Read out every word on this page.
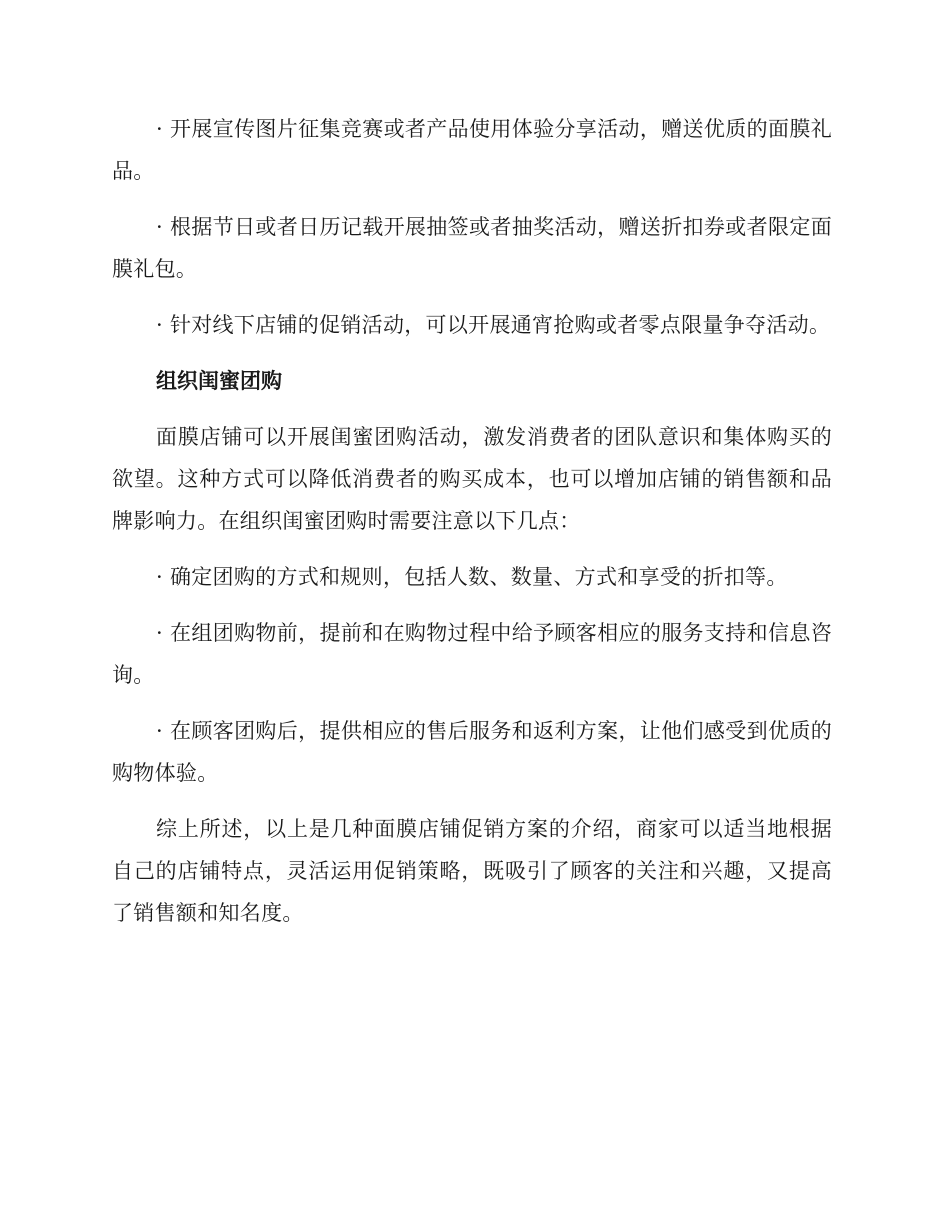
· 开展宣传图片征集竞赛或者产品使用体验分享活动，赠送优质的面膜礼品。

· 根据节日或者日历记载开展抽签或者抽奖活动，赠送折扣券或者限定面膜礼包。

· 针对线下店铺的促销活动，可以开展通宵抢购或者零点限量争夺活动。

组织闺蜜团购

面膜店铺可以开展闺蜜团购活动，激发消费者的团队意识和集体购买的欲望。这种方式可以降低消费者的购买成本，也可以增加店铺的销售额和品牌影响力。在组织闺蜜团购时需要注意以下几点：

· 确定团购的方式和规则，包括人数、数量、方式和享受的折扣等。

· 在组团购物前，提前和在购物过程中给予顾客相应的服务支持和信息咨询。

· 在顾客团购后，提供相应的售后服务和返利方案，让他们感受到优质的购物体验。

综上所述，以上是几种面膜店铺促销方案的介绍，商家可以适当地根据自己的店铺特点，灵活运用促销策略，既吸引了顾客的关注和兴趣，又提高了销售额和知名度。
